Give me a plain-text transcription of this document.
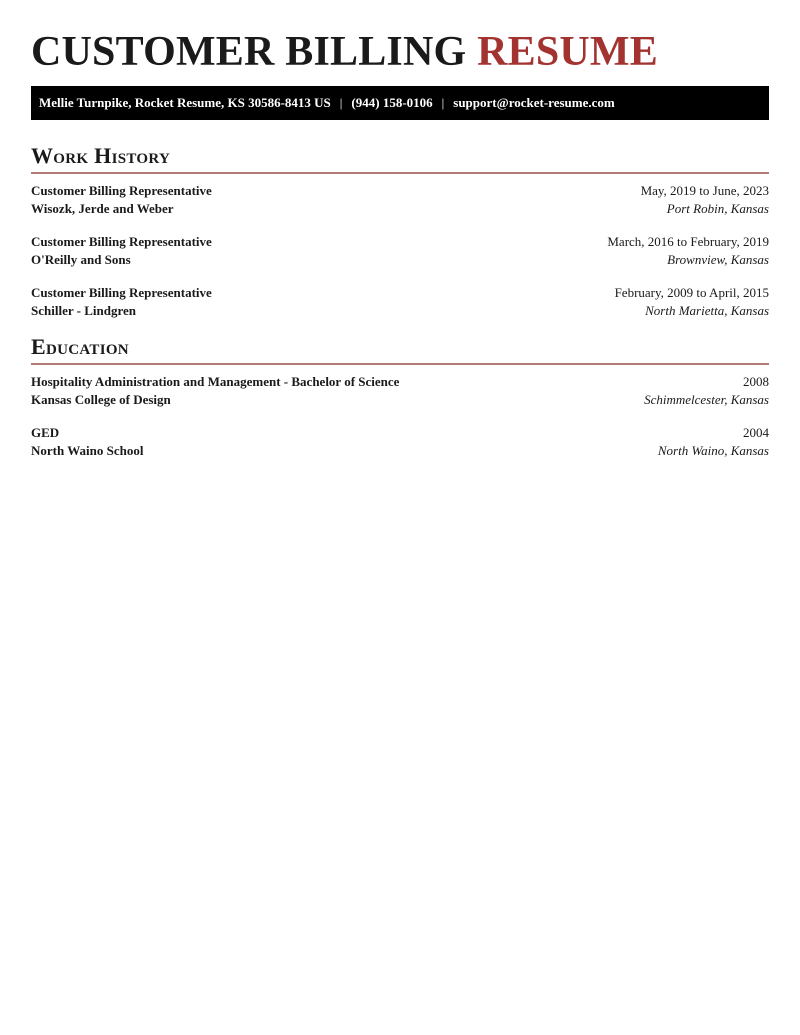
CUSTOMER BILLING RESUME
Mellie Turnpike, Rocket Resume, KS 30586-8413 US | (944) 158-0106 | support@rocket-resume.com
Work History
Customer Billing Representative	May, 2019 to June, 2023
Wisozk, Jerde and Weber	Port Robin, Kansas
Customer Billing Representative	March, 2016 to February, 2019
O'Reilly and Sons	Brownview, Kansas
Customer Billing Representative	February, 2009 to April, 2015
Schiller - Lindgren	North Marietta, Kansas
Education
Hospitality Administration and Management - Bachelor of Science	2008
Kansas College of Design	Schimmelcester, Kansas
GED	2004
North Waino School	North Waino, Kansas
